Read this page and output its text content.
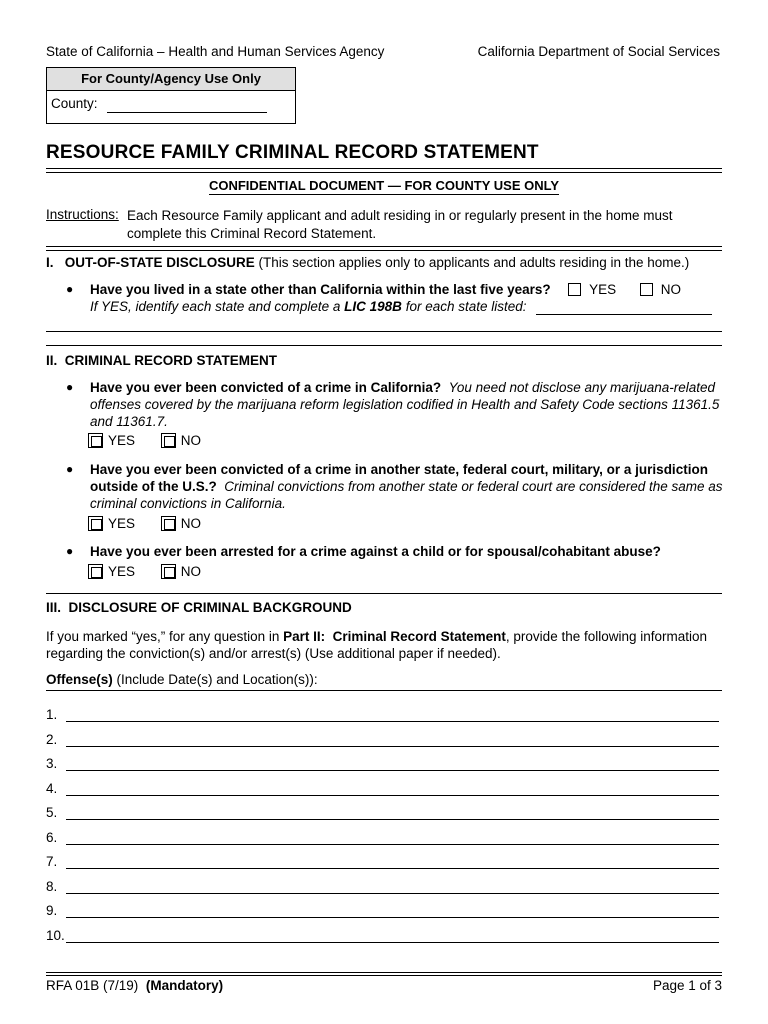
State of California – Health and Human Services Agency	California Department of Social Services
For County/Agency Use Only
County:
RESOURCE FAMILY CRIMINAL RECORD STATEMENT
CONFIDENTIAL DOCUMENT — FOR COUNTY USE ONLY
Instructions: Each Resource Family applicant and adult residing in or regularly present in the home must complete this Criminal Record Statement.
I.   OUT-OF-STATE DISCLOSURE (This section applies only to applicants and adults residing in the home.)
● Have you lived in a state other than California within the last five years?	YES	NO
If YES, identify each state and complete a LIC 198B for each state listed:
II.  CRIMINAL RECORD STATEMENT
● Have you ever been convicted of a crime in California? You need not disclose any marijuana-related offenses covered by the marijuana reform legislation codified in Health and Safety Code sections 11361.5 and 11361.7.
YES	NO
● Have you ever been convicted of a crime in another state, federal court, military, or a jurisdiction outside of the U.S.? Criminal convictions from another state or federal court are considered the same as criminal convictions in California.
YES	NO
● Have you ever been arrested for a crime against a child or for spousal/cohabitant abuse?
YES	NO
III.  DISCLOSURE OF CRIMINAL BACKGROUND
If you marked “yes,” for any question in Part II:  Criminal Record Statement, provide the following information regarding the conviction(s) and/or arrest(s) (Use additional paper if needed).
Offense(s) (Include Date(s) and Location(s)):
1.
2.
3.
4.
5.
6.
7.
8.
9.
10.
RFA 01B (7/19) (Mandatory)	Page 1 of 3
